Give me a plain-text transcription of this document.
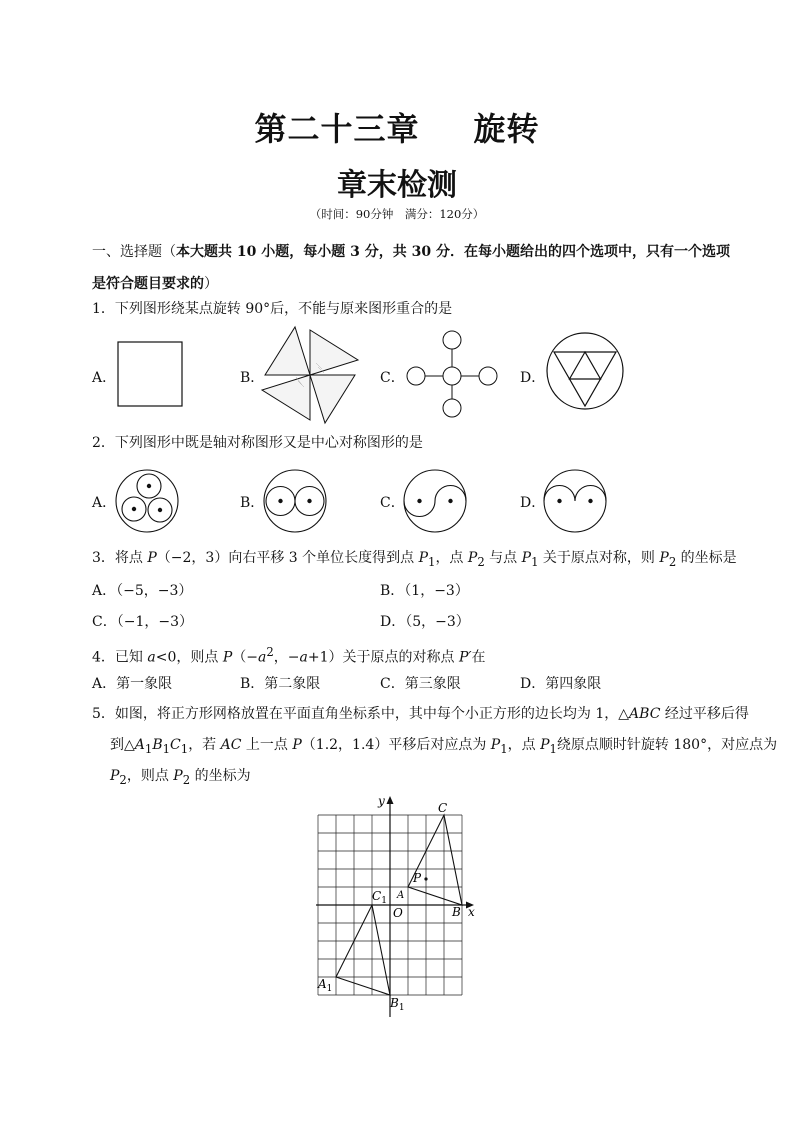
第二十三章 旋转
章末检测
（时间：90分钟　满分：120分）
一、选择题（本大题共 10 小题，每小题 3 分，共 30 分．在每小题给出的四个选项中，只有一个选项是符合题目要求的）
1．下列图形绕某点旋转 90°后，不能与原来图形重合的是
A．	B．	C．	D．
2．下列图形中既是轴对称图形又是中心对称图形的是
A．	B．	C．	D．
3．将点 P（−2，3）向右平移 3 个单位长度得到点 $P_1$，点 $P_2$ 与点 $P_1$ 关于原点对称，则 $P_2$ 的坐标是
A．（−5，−3）	B．（1，−3）
C．（−1，−3）	D．（5，−3）
4．已知 a<0，则点 $P(-a^2$，−a+1）关于原点的对称点 P′在
A．第一象限	B．第二象限	C．第三象限	D．第四象限
5．如图，将正方形网格放置在平面直角坐标系中，其中每个小正方形的边长均为 1，△ABC 经过平移后得
到$\triangle A_1B_1C_1$，若 AC 上一点 P（1.2，1.4）平移后对应点为 $P_1$，点 $P_1$绕原点顺时针旋转 180°，对应点为
$P_2$，则点 $P_2$ 的坐标为
y
x
O
A
B
C
P
$A_1$
$B_1$
$C_1$
